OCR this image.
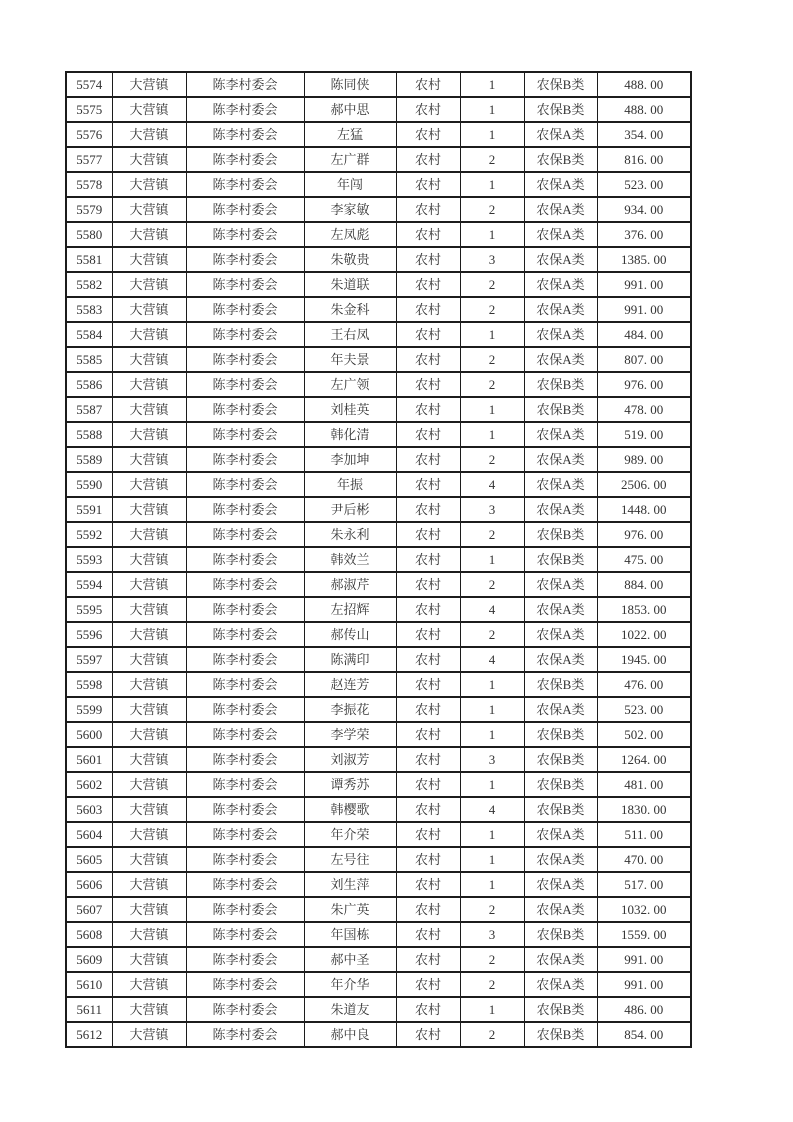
5574	大营镇	陈李村委会	陈同侠	农村	1	农保B类	488. 00
5575	大营镇	陈李村委会	郝中思	农村	1	农保B类	488. 00
5576	大营镇	陈李村委会	左猛	农村	1	农保A类	354. 00
5577	大营镇	陈李村委会	左广群	农村	2	农保B类	816. 00
5578	大营镇	陈李村委会	年闯	农村	1	农保A类	523. 00
5579	大营镇	陈李村委会	李家敏	农村	2	农保A类	934. 00
5580	大营镇	陈李村委会	左凤彪	农村	1	农保A类	376. 00
5581	大营镇	陈李村委会	朱敬贵	农村	3	农保A类	1385. 00
5582	大营镇	陈李村委会	朱道联	农村	2	农保A类	991. 00
5583	大营镇	陈李村委会	朱金科	农村	2	农保A类	991. 00
5584	大营镇	陈李村委会	王右凤	农村	1	农保A类	484. 00
5585	大营镇	陈李村委会	年夫景	农村	2	农保A类	807. 00
5586	大营镇	陈李村委会	左广领	农村	2	农保B类	976. 00
5587	大营镇	陈李村委会	刘桂英	农村	1	农保B类	478. 00
5588	大营镇	陈李村委会	韩化清	农村	1	农保A类	519. 00
5589	大营镇	陈李村委会	李加坤	农村	2	农保A类	989. 00
5590	大营镇	陈李村委会	年振	农村	4	农保A类	2506. 00
5591	大营镇	陈李村委会	尹后彬	农村	3	农保A类	1448. 00
5592	大营镇	陈李村委会	朱永利	农村	2	农保B类	976. 00
5593	大营镇	陈李村委会	韩效兰	农村	1	农保B类	475. 00
5594	大营镇	陈李村委会	郝淑芹	农村	2	农保A类	884. 00
5595	大营镇	陈李村委会	左招辉	农村	4	农保A类	1853. 00
5596	大营镇	陈李村委会	郝传山	农村	2	农保A类	1022. 00
5597	大营镇	陈李村委会	陈满印	农村	4	农保A类	1945. 00
5598	大营镇	陈李村委会	赵连芳	农村	1	农保B类	476. 00
5599	大营镇	陈李村委会	李振花	农村	1	农保A类	523. 00
5600	大营镇	陈李村委会	李学荣	农村	1	农保B类	502. 00
5601	大营镇	陈李村委会	刘淑芳	农村	3	农保B类	1264. 00
5602	大营镇	陈李村委会	谭秀苏	农村	1	农保B类	481. 00
5603	大营镇	陈李村委会	韩樱歌	农村	4	农保B类	1830. 00
5604	大营镇	陈李村委会	年介荣	农村	1	农保A类	511. 00
5605	大营镇	陈李村委会	左号往	农村	1	农保A类	470. 00
5606	大营镇	陈李村委会	刘生萍	农村	1	农保A类	517. 00
5607	大营镇	陈李村委会	朱广英	农村	2	农保A类	1032. 00
5608	大营镇	陈李村委会	年国栋	农村	3	农保B类	1559. 00
5609	大营镇	陈李村委会	郝中圣	农村	2	农保A类	991. 00
5610	大营镇	陈李村委会	年介华	农村	2	农保A类	991. 00
5611	大营镇	陈李村委会	朱道友	农村	1	农保B类	486. 00
5612	大营镇	陈李村委会	郝中良	农村	2	农保B类	854. 00
